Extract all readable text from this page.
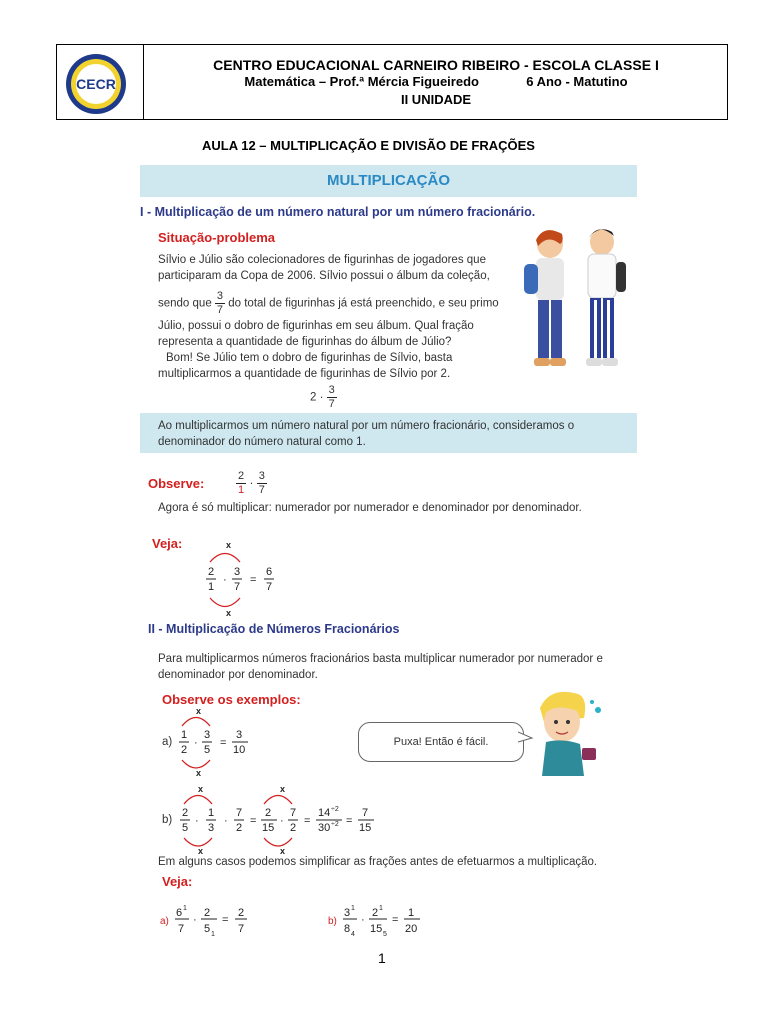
CECR
CENTRO EDUCACIONAL CARNEIRO RIBEIRO - ESCOLA CLASSE I
Matemática – Prof.ª Mércia Figueiredo	6 Ano - Matutino
II UNIDADE
AULA 12 – MULTIPLICAÇÃO E DIVISÃO DE FRAÇÕES
MULTIPLICAÇÃO
I - Multiplicação de um número natural por um número fracionário.
Situação-problema
Sílvio e Júlio são colecionadores de figurinhas de jogadores que participaram da Copa de 2006. Sílvio possui o álbum da coleção,
sendo que $\frac{3}{7}$ do total de figurinhas já está preenchido, e seu primo
Júlio, possui o dobro de figurinhas em seu álbum. Qual fração representa a quantidade de figurinhas do álbum de Júlio?
Bom! Se Júlio tem o dobro de figurinhas de Sílvio, basta multiplicarmos a quantidade de figurinhas de Sílvio por 2.
$2 \cdot \frac{3}{7}$
Ao multiplicarmos um número natural por um número fracionário, consideramos o denominador do número natural como 1.
Observe:	$\frac{2}{1} \cdot \frac{3}{7}$
Agora é só multiplicar: numerador por numerador e denominador por denominador.
Veja:	x
x
2
1
·
3
7
=
6
7
II - Multiplicação de Números Fracionários
Para multiplicarmos números fracionários basta multiplicar numerador por numerador e denominador por denominador.
Observe os exemplos:
a)
x
x
1
2
·
3
5
=
3
10
Puxa! Então é fácil.
b)
x
x
2
5
·
1
3
·
7
2
=
x
x
2
15
·
7
2
=
14 ÷2
30 ÷2 =
7
15
Em alguns casos podemos simplificar as frações antes de efetuarmos a multiplicação.
Veja:
a)
6 1
7
·
2
5 1
=
2
7
b)
3 1
8 4
·
2 1
15 5
=
1
20
1
